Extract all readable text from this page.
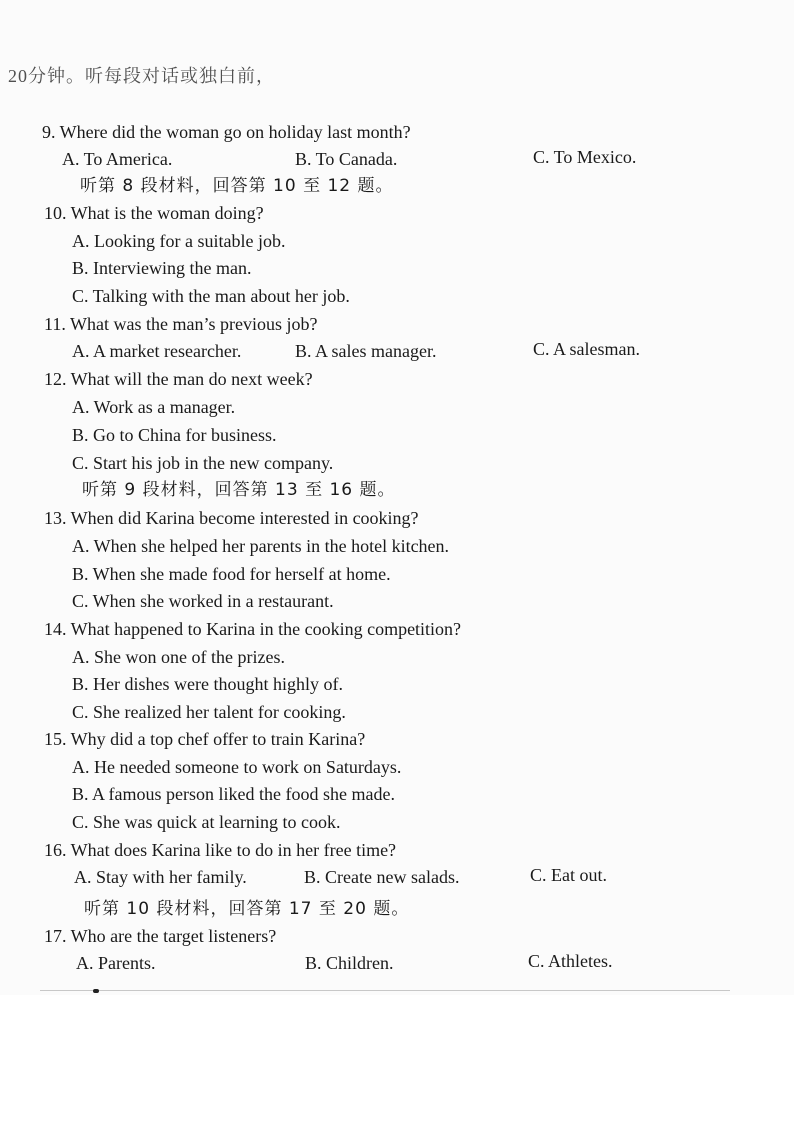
20分钟。听每段对话或独白前，
9. Where did the woman go on holiday last month?
A. To America.	B. To Canada.	C. To Mexico.
听第 8 段材料，回答第 10 至 12 题。
10. What is the woman doing?
A. Looking for a suitable job.
B. Interviewing the man.
C. Talking with the man about her job.
11. What was the man’s previous job?
A. A market researcher.	B. A sales manager.	C. A salesman.
12. What will the man do next week?
A. Work as a manager.
B. Go to China for business.
C. Start his job in the new company.
听第 9 段材料，回答第 13 至 16 题。
13. When did Karina become interested in cooking?
A. When she helped her parents in the hotel kitchen.
B. When she made food for herself at home.
C. When she worked in a restaurant.
14. What happened to Karina in the cooking competition?
A. She won one of the prizes.
B. Her dishes were thought highly of.
C. She realized her talent for cooking.
15. Why did a top chef offer to train Karina?
A. He needed someone to work on Saturdays.
B. A famous person liked the food she made.
C. She was quick at learning to cook.
16. What does Karina like to do in her free time?
A. Stay with her family.	B. Create new salads.	C. Eat out.
听第 10 段材料，回答第 17 至 20 题。
17. Who are the target listeners?
A. Parents.	B. Children.	C. Athletes.
